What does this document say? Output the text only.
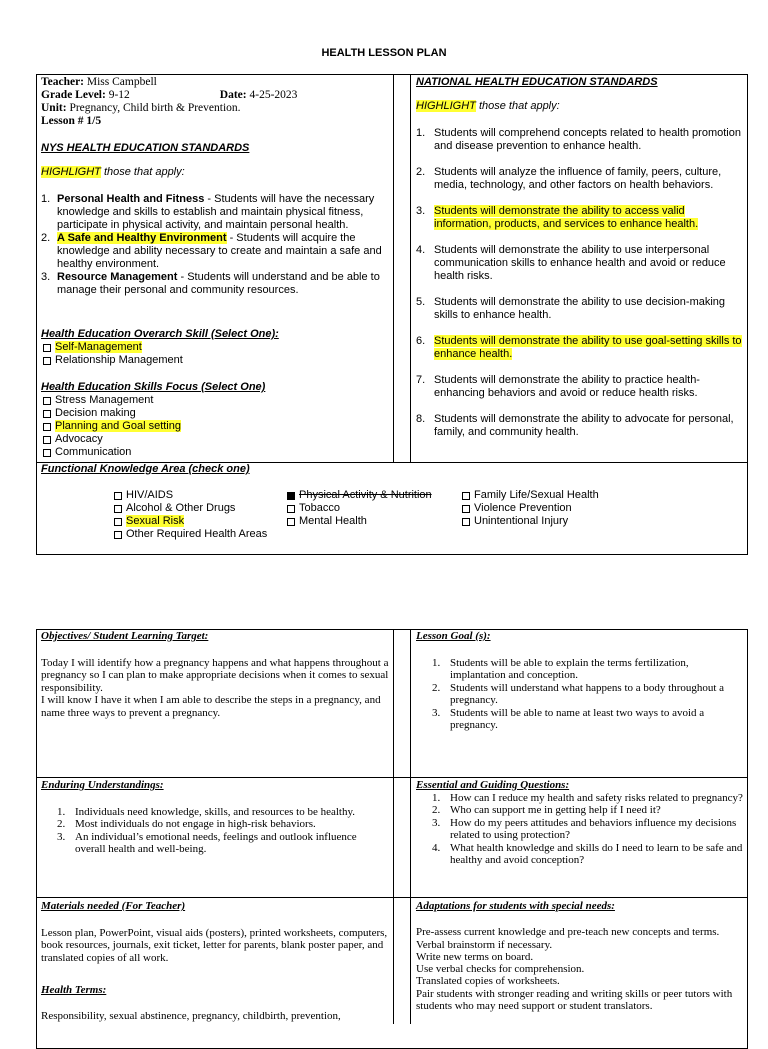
HEALTH LESSON PLAN
Teacher: Miss Campbell
Grade Level: 9-12	Date: 4-25-2023
Unit: Pregnancy, Child birth & Prevention.
Lesson # 1/5
NYS HEALTH EDUCATION STANDARDS
HIGHLIGHT those that apply:
1. Personal Health and Fitness - Students will have the necessary knowledge and skills to establish and maintain physical fitness, participate in physical activity, and maintain personal health.
2. A Safe and Healthy Environment - Students will acquire the knowledge and ability necessary to create and maintain a safe and healthy environment.
3. Resource Management - Students will understand and be able to manage their personal and community resources.
Health Education Overarch Skill (Select One):
Self-Management
Relationship Management
Health Education Skills Focus (Select One)
Stress Management
Decision making
Planning and Goal setting
Advocacy
Communication
NATIONAL HEALTH EDUCATION STANDARDS
HIGHLIGHT those that apply:
1. Students will comprehend concepts related to health promotion and disease prevention to enhance health.
2. Students will analyze the influence of family, peers, culture, media, technology, and other factors on health behaviors.
3. Students will demonstrate the ability to access valid information, products, and services to enhance health.
4. Students will demonstrate the ability to use interpersonal communication skills to enhance health and avoid or reduce health risks.
5. Students will demonstrate the ability to use decision-making skills to enhance health.
6. Students will demonstrate the ability to use goal-setting skills to enhance health.
7. Students will demonstrate the ability to practice health-enhancing behaviors and avoid or reduce health risks.
8. Students will demonstrate the ability to advocate for personal, family, and community health.
Functional Knowledge Area (check one)
HIV/AIDS
Alcohol & Other Drugs
Sexual Risk
Other Required Health Areas
Physical Activity & Nutrition
Tobacco
Mental Health
Family Life/Sexual Health
Violence Prevention
Unintentional Injury
Objectives/ Student Learning Target:

Today I will identify how a pregnancy happens and what happens throughout a pregnancy so I can plan to make appropriate decisions when it comes to sexual responsibility.

I will know I have it when I am able to describe the steps in a pregnancy, and name three ways to prevent a pregnancy.

Lesson Goal (s):
1. Students will be able to explain the terms fertilization, implantation and conception.
2. Students will understand what happens to a body throughout a pregnancy.
3. Students will be able to name at least two ways to avoid a pregnancy.
Enduring Understandings:
1. Individuals need knowledge, skills, and resources to be healthy.
2. Most individuals do not engage in high-risk behaviors.
3. An individual’s emotional needs, feelings and outlook influence overall health and well-being.
Essential and Guiding Questions:
1. How can I reduce my health and safety risks related to pregnancy?
2. Who can support me in getting help if I need it?
3. How do my peers attitudes and behaviors influence my decisions related to using protection?
4. What health knowledge and skills do I need to learn to be safe and healthy and avoid conception?
Materials needed (For Teacher)

Lesson plan, PowerPoint, visual aids (posters), printed worksheets, computers, book resources, journals, exit ticket, letter for parents, blank poster paper, and translated copies of all work.

Health Terms:

Responsibility, sexual abstinence, pregnancy, childbirth, prevention,

Adaptations for students with special needs:
Pre-assess current knowledge and pre-teach new concepts and terms.
Verbal brainstorm if necessary.
Write new terms on board.
Use verbal checks for comprehension.
Translated copies of worksheets.
Pair students with stronger reading and writing skills or peer tutors with students who may need support or student translators.
